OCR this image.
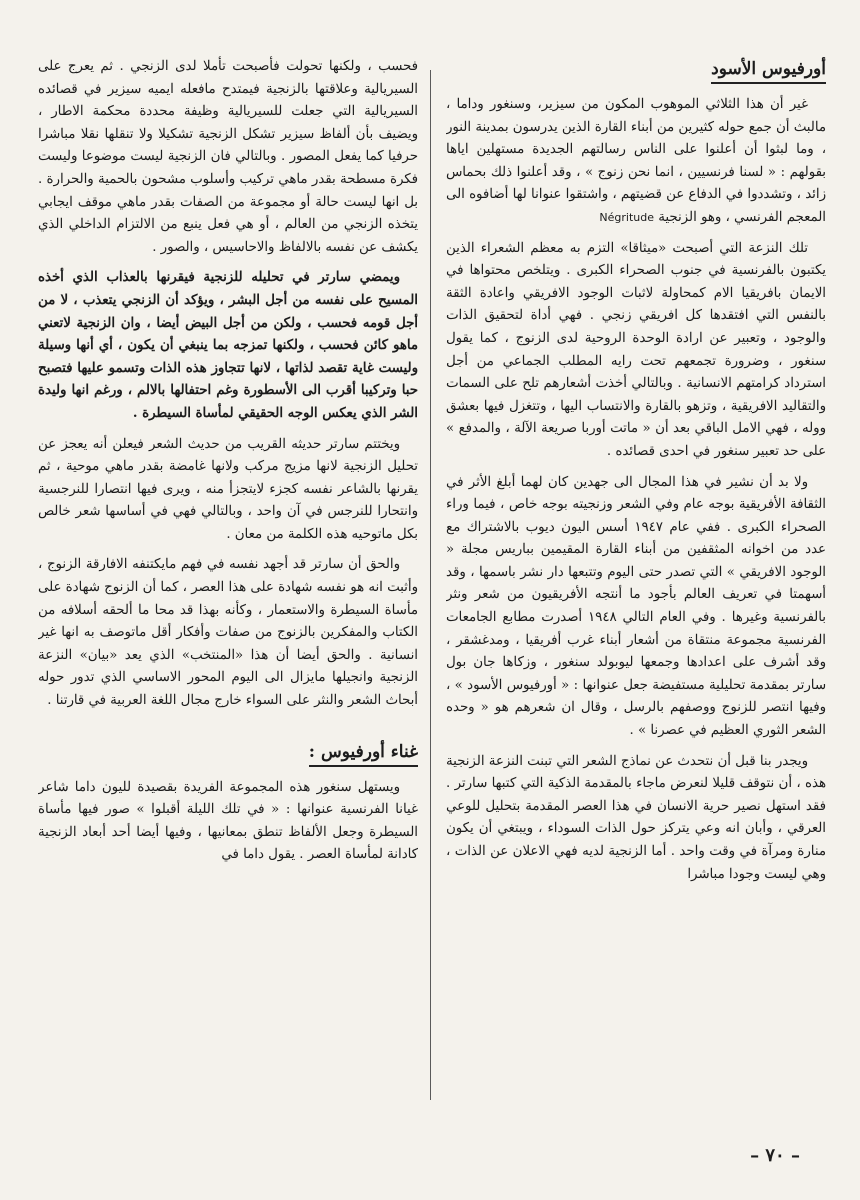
أورفيوس الأسود

غير أن هذا الثلاثي الموهوب المكون من سيزير، وسنغور وداما ، مالبث أن جمع حوله كثيرين من أبناء القارة الذين يدرسون بمدينة النور ، وما لبثوا أن أعلنوا على الناس رسالتهم الجديدة مستهلين اياها بقولهم : « لسنا فرنسيين ، انما نحن زنوج » ، وقد أعلنوا ذلك بحماس زائد ، وتشددوا في الدفاع عن قضيتهم ، واشتقوا عنوانا لها أضافوه الى المعجم الفرنسي ، وهو الزنجية Négritude

تلك النزعة التي أصبحت «ميثاقا» التزم به معظم الشعراء الذين يكتبون بالفرنسية في جنوب الصحراء الكبرى . ويتلخص محتواها في الايمان بافريقيا الام كمحاولة لاثبات الوجود الافريقي واعادة الثقة بالنفس التي افتقدها كل افريقي زنجي . فهي أداة لتحقيق الذات والوجود ، وتعبير عن ارادة الوحدة الروحية لدى الزنوج ، كما يقول سنغور ، وضرورة تجمعهم تحت رايه المطلب الجماعي من أجل استرداد كرامتهم الانسانية . وبالتالي أخذت أشعارهم تلح على السمات والتقاليد الافريقية ، وتزهو بالقارة والانتساب اليها ، وتتغزل فيها بعشق ووله ، فهي الامل الباقي بعد أن « ماتت أوربا صريعة الآلة ، والمدفع » على حد تعبير سنغور في احدى قصائده .

ولا بد أن نشير في هذا المجال الى جهدين كان لهما أبلغ الأثر في الثقافة الأفريقية بوجه عام وفي الشعر وزنجيته بوجه خاص ، فيما وراء الصحراء الكبرى . ففي عام ١٩٤٧ أسس اليون ديوب بالاشتراك مع عدد من اخوانه المثقفين من أبناء القارة المقيمين بباريس مجلة « الوجود الافريقي » التي تصدر حتى اليوم وتتبعها دار نشر باسمها ، وقد أسهمتا في تعريف العالم بأجود ما أنتجه الأفريقيون من شعر ونثر بالفرنسية وغيرها . وفي العام التالي ١٩٤٨ أصدرت مطابع الجامعات الفرنسية مجموعة منتقاة من أشعار أبناء غرب أفريقيا ، ومدغشقر ، وقد أشرف على اعدادها وجمعها ليوبولد سنغور ، وزكاها جان بول سارتر بمقدمة تحليلية مستفيضة جعل عنوانها : « أورفيوس الأسود » ، وفيها انتصر للزنوج ووصفهم بالرسل ، وقال ان شعرهم هو « وحده الشعر الثوري العظيم في عصرنا » .

ويجدر بنا قبل أن نتحدث عن نماذج الشعر التي تبنت النزعة الزنجية هذه ، أن نتوقف قليلا لنعرض ماجاء بالمقدمة الذكية التي كتبها سارتر . فقد استهل نصير حرية الانسان في هذا العصر المقدمة بتحليل للوعي العرقي ، وأبان انه وعي يتركز حول الذات السوداء ، ويبتغي أن يكون منارة ومرآة في وقت واحد . أما الزنجية لديه فهي الاعلان عن الذات ، وهي ليست وجودا مباشرا

فحسب ، ولكنها تحولت فأصبحت تأملا لدى الزنجي . ثم يعرج على السيريالية وعلاقتها بالزنجية فيمتدح مافعله ايميه سيزير في قصائده السيريالية التي جعلت للسيريالية وظيفة محددة محكمة الاطار ، ويضيف بأن ألفاظ سيزير تشكل الزنجية تشكيلا ولا تنقلها نقلا مباشرا حرفيا كما يفعل المصور . وبالتالي فان الزنجية ليست موضوعا وليست فكرة مسطحة بقدر ماهي تركيب وأسلوب مشحون بالحمية والحرارة . بل انها ليست حالة أو مجموعة من الصفات بقدر ماهي موقف ايجابي يتخذه الزنجي من العالم ، أو هي فعل ينبع من الالتزام الداخلي الذي يكشف عن نفسه بالالفاظ والاحاسيس ، والصور .

ويمضي سارتر في تحليله للزنجية فيقرنها بالعذاب الذي أخذه المسيح على نفسه من أجل البشر ، ويؤكد أن الزنجي يتعذب ، لا من أجل قومه فحسب ، ولكن من أجل البيض أيضا ، وان الزنجية لاتعني ماهو كائن فحسب ، ولكنها تمزجه بما ينبغي أن يكون ، أي أنها وسيلة وليست غاية تقصد لذاتها ، لانها تتجاوز هذه الذات وتسمو عليها فتصبح حبا وتركيبا أقرب الى الأسطورة وغم احتفالها بالالم ، ورغم انها وليدة الشر الذي يعكس الوجه الحقيقي لمأساة السيطرة .

ويختتم سارتر حديثه القريب من حديث الشعر فيعلن أنه يعجز عن تحليل الزنجية لانها مزيج مركب ولانها غامضة بقدر ماهي موحية ، ثم يقرنها بالشاعر نفسه كجزء لايتجزأ منه ، ويرى فيها انتصارا للنرجسية وانتحارا للنرجس في آن واحد ، وبالتالي فهي في أساسها شعر خالص بكل ماتوحيه هذه الكلمة من معان .

والحق أن سارتر قد أجهد نفسه في فهم مايكتنفه الافارقة الزنوج ، وأثبت انه هو نفسه شهادة على هذا العصر ، كما أن الزنوج شهادة على مأساة السيطرة والاستعمار ، وكأنه بهذا قد محا ما ألحقه أسلافه من الكتاب والمفكرين بالزنوج من صفات وأفكار أقل ماتوصف به انها غير انسانية . والحق أيضا أن هذا «المنتخب» الذي يعد «بيان» النزعة الزنجية وانجيلها مايزال الى اليوم المحور الاساسي الذي تدور حوله أبحاث الشعر والنثر على السواء خارج مجال اللغة العربية في قارتنا .

غناء أورفيوس :

ويستهل سنغور هذه المجموعة الفريدة بقصيدة لليون داما شاعر غيانا الفرنسية عنوانها : « في تلك الليلة أقبلوا » صور فيها مأساة السيطرة وجعل الألفاظ تنطق بمعانيها ، وفيها أيضا أحد أبعاد الزنجية كادانة لمأساة العصر . يقول داما في

– ٧٠ –
